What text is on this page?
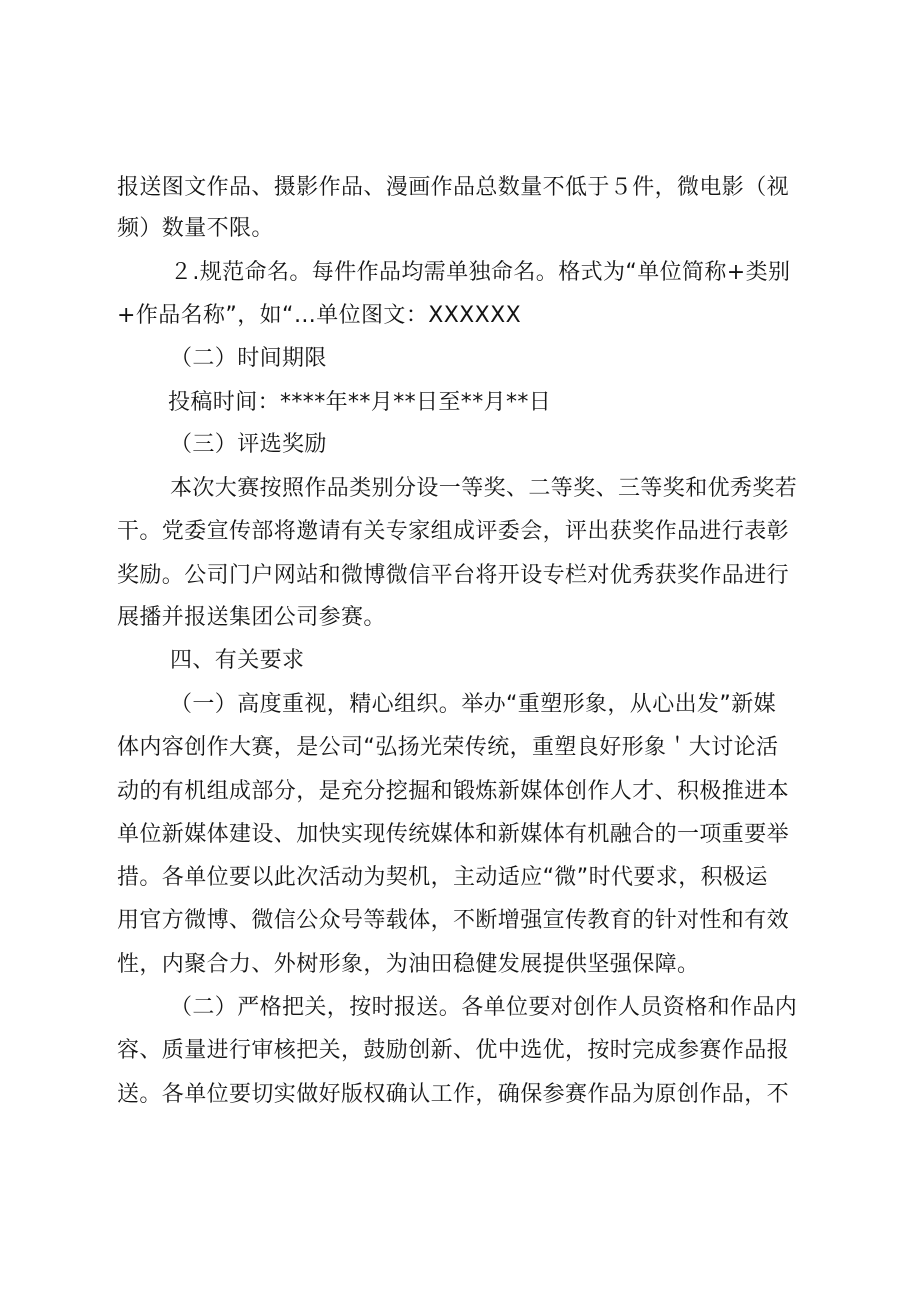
报送图文作品、摄影作品、漫画作品总数量不低于５件，微电影（视
频）数量不限。
２.规范命名。每件作品均需单独命名。格式为“单位简称+类别
+作品名称”，如“…单位图文：XXXXXX
（二）时间期限
投稿时间：****年**月**日至**月**日
（三）评选奖励
本次大赛按照作品类别分设一等奖、二等奖、三等奖和优秀奖若
干。党委宣传部将邀请有关专家组成评委会，评出获奖作品进行表彰
奖励。公司门户网站和微博微信平台将开设专栏对优秀获奖作品进行
展播并报送集团公司参赛。
四、有关要求
（一）高度重视，精心组织。举办“重塑形象，从心出发”新媒
体内容创作大赛，是公司“弘扬光荣传统，重塑良好形象＇大讨论活
动的有机组成部分，是充分挖掘和锻炼新媒体创作人才、积极推进本
单位新媒体建设、加快实现传统媒体和新媒体有机融合的一项重要举
措。各单位要以此次活动为契机，主动适应“微”时代要求，积极运
用官方微博、微信公众号等载体，不断增强宣传教育的针对性和有效
性，内聚合力、外树形象，为油田稳健发展提供坚强保障。
（二）严格把关，按时报送。各单位要对创作人员资格和作品内
容、质量进行审核把关，鼓励创新、优中选优，按时完成参赛作品报
送。各单位要切实做好版权确认工作，确保参赛作品为原创作品，不
